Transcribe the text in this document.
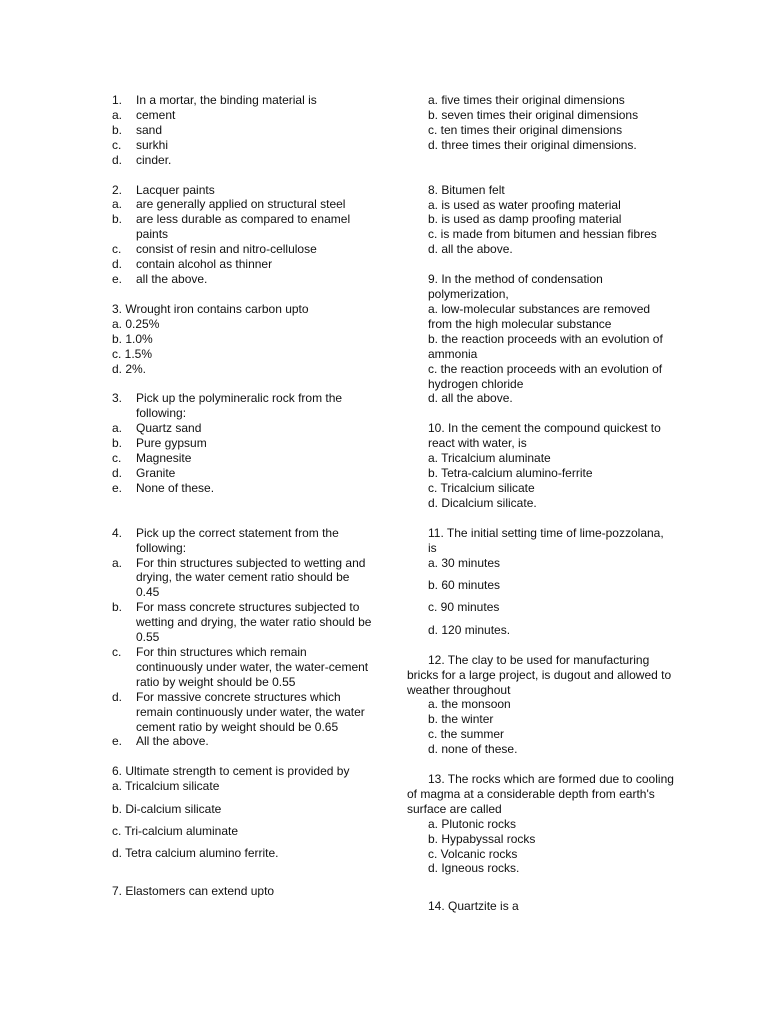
1. In a mortar, the binding material is
a. cement
b. sand
c. surkhi
d. cinder.
2. Lacquer paints
a. are generally applied on structural steel
b. are less durable as compared to enamel paints
c. consist of resin and nitro-cellulose
d. contain alcohol as thinner
e. all the above.
3. Wrought iron contains carbon upto
a. 0.25%
b. 1.0%
c. 1.5%
d. 2%.
3. Pick up the polymineralic rock from the following:
a. Quartz sand
b. Pure gypsum
c. Magnesite
d. Granite
e. None of these.
4. Pick up the correct statement from the following:
a. For thin structures subjected to wetting and drying, the water cement ratio should be 0.45
b. For mass concrete structures subjected to wetting and drying, the water ratio should be 0.55
c. For thin structures which remain continuously under water, the water-cement ratio by weight should be 0.55
d. For massive concrete structures which remain continuously under water, the water cement ratio by weight should be 0.65
e. All the above.
6. Ultimate strength to cement is provided by
a. Tricalcium silicate
b. Di-calcium silicate
c. Tri-calcium aluminate
d. Tetra calcium alumino ferrite.
7. Elastomers can extend upto
a. five times their original dimensions
b. seven times their original dimensions
c. ten times their original dimensions
d. three times their original dimensions.
8. Bitumen felt
a. is used as water proofing material
b. is used as damp proofing material
c. is made from bitumen and hessian fibres
d. all the above.
9. In the method of condensation polymerization,
a. low-molecular substances are removed from the high molecular substance
b. the reaction proceeds with an evolution of ammonia
c. the reaction proceeds with an evolution of hydrogen chloride
d. all the above.
10. In the cement the compound quickest to react with water, is
a. Tricalcium aluminate
b. Tetra-calcium alumino-ferrite
c. Tricalcium silicate
d. Dicalcium silicate.
11. The initial setting time of lime-pozzolana, is
a. 30 minutes
b. 60 minutes
c. 90 minutes
d. 120 minutes.
12. The clay to be used for manufacturing bricks for a large project, is dugout and allowed to weather throughout
a. the monsoon
b. the winter
c. the summer
d. none of these.
13. The rocks which are formed due to cooling of magma at a considerable depth from earth's surface are called
a. Plutonic rocks
b. Hypabyssal rocks
c. Volcanic rocks
d. Igneous rocks.
14. Quartzite is a
